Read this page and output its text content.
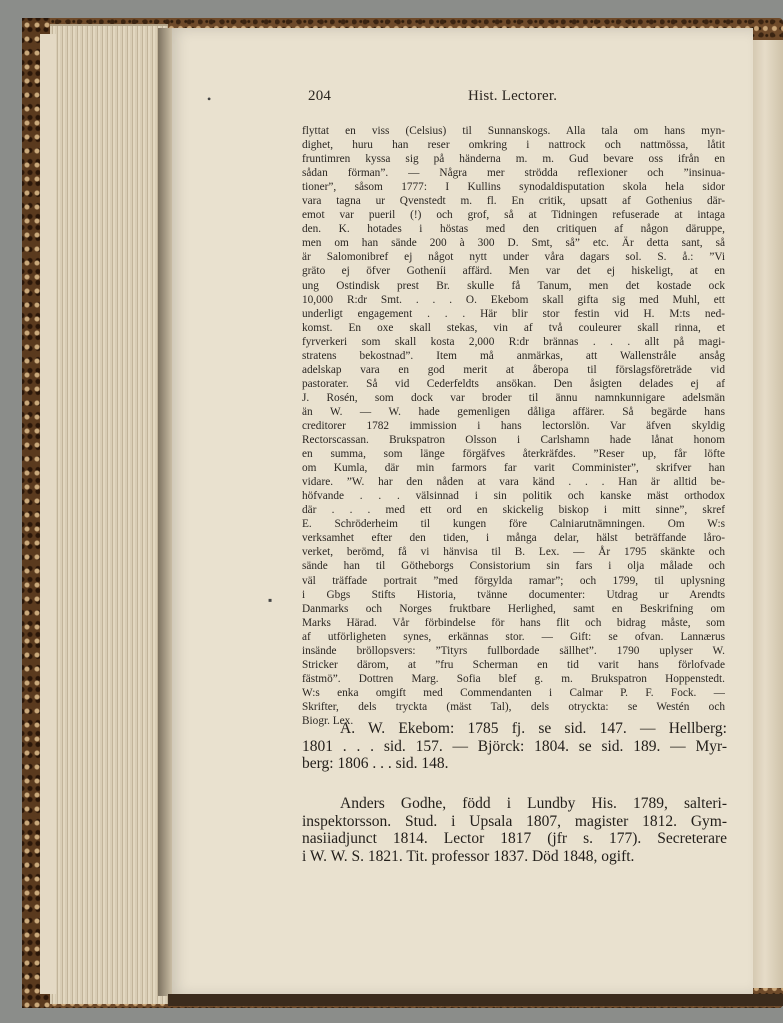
•
▪
204	Hist. Lectorer.
flyttat en viss (Celsius) til Sunnanskogs. Alla tala om hans myn-
dighet, huru han reser omkring i nattrock och nattmössa, låtit
fruntimren kyssa sig på händerna m. m. Gud bevare oss ifrån en
sådan förman”. — Några mer strödda reflexioner och ”insinua-
tioner”, såsom 1777: I Kullins synodaldisputation skola hela sidor
vara tagna ur Qvenstedt m. fl. En critik, upsatt af Gothenius där-
emot var pueril (!) och grof, så at Tidningen refuserade at intaga
den. K. hotades i höstas med den critiquen af någon däruppe,
men om han sände 200 à 300 D. Smt, så” etc. Är detta sant, så
är Salomonibref ej något nytt under våra dagars sol. S. å.: ”Vi
gräto ej öfver Gotheníi affärd. Men var det ej hiskeligt, at en
ung Ostindisk prest Br. skulle få Tanum, men det kostade ock
10,000 R:dr Smt. . . . O. Ekebom skall gifta sig med Muhl, ett
underligt engagement . . . Här blir stor festin vid H. M:ts ned-
komst. En oxe skall stekas, vin af två couleurer skall rinna, et
fyrverkeri som skall kosta 2,000 R:dr brännas . . . allt på magi-
stratens bekostnad”. Item må anmärkas, att Wallenstråle ansåg
adelskap vara en god merit at åberopa til förslagsföreträde vid
pastorater. Så vid Cederfeldts ansökan. Den åsigten delades ej af
J. Rosén, som dock var broder til ännu namnkunnigare adelsmän
än W. — W. hade gemenligen dåliga affärer. Så begärde hans
creditorer 1782 immission i hans lectorslön. Var äfven skyldig
Rectorscassan. Brukspatron Olsson i Carlshamn hade lånat honom
en summa, som länge förgäfves återkräfdes. ”Reser up, får löfte
om Kumla, där min farmors far varit Comminister”, skrifver han
vidare. ”W. har den nåden at vara känd . . . Han är alltid be-
höfvande . . . välsinnad i sin politik och kanske mäst orthodox
där . . . med ett ord en skickelig biskop i mitt sinne”, skref
E. Schröderheim til kungen före Calniarutnämningen. Om W:s
verksamhet efter den tiden, i många delar, hälst beträffande låro-
verket, berömd, få vi hänvisa til B. Lex. — År 1795 skänkte och
sände han til Götheborgs Consistorium sin fars i olja målade och
väl träffade portrait ”med förgylda ramar”; och 1799, til uplysning
i Gbgs Stifts Historia, tvänne documenter: Utdrag ur Arendts
Danmarks och Norges fruktbare Herlighed, samt en Beskrifning om
Marks Härad. Vår förbindelse för hans flit och bidrag måste, som
af utförligheten synes, erkännas stor. — Gift: se ofvan. Lannærus
insände bröllopsvers: ”Tityrs fullbordade sällhet”. 1790 uplyser W.
Stricker därom, at ”fru Scherman en tid varit hans förlofvade
fästmö”. Dottren Marg. Sofia blef g. m. Brukspatron Hoppenstedt.
W:s enka omgift med Commendanten i Calmar P. F. Fock. —
Skrifter, dels tryckta (mäst Tal), dels otryckta: se Westén och
Biogr. Lex.
A. W. Ekebom: 1785 fj. se sid. 147. — Hellberg:
1801 . . . sid. 157. — Björck: 1804. se sid. 189. — Myr-
berg: 1806 . . . sid. 148.
Anders Godhe, född i Lundby His. 1789, salteri-
inspektorsson. Stud. i Upsala 1807, magister 1812. Gym-
nasiiadjunct 1814. Lector 1817 (jfr s. 177). Secreterare
i W. W. S. 1821. Tit. professor 1837. Död 1848, ogift.
